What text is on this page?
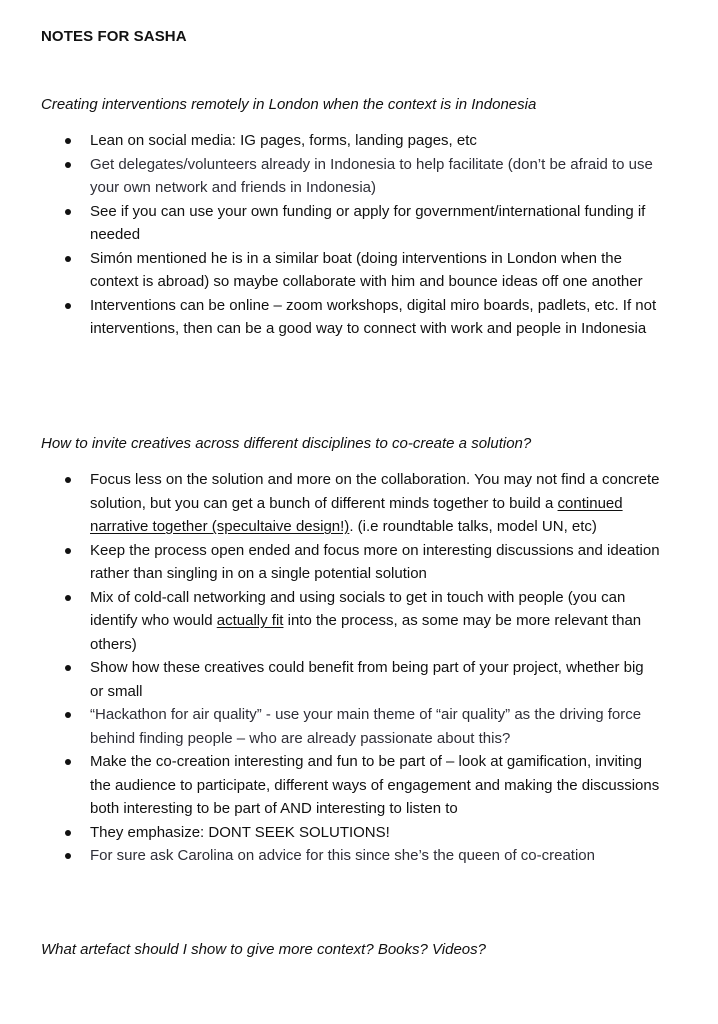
NOTES FOR SASHA
Creating interventions remotely in London when the context is in Indonesia
Lean on social media: IG pages, forms, landing pages, etc
Get delegates/volunteers already in Indonesia to help facilitate (don’t be afraid to use your own network and friends in Indonesia)
See if you can use your own funding or apply for government/international funding if needed
Simón mentioned he is in a similar boat (doing interventions in London when the context is abroad) so maybe collaborate with him and bounce ideas off one another
Interventions can be online – zoom workshops, digital miro boards, padlets, etc. If not interventions, then can be a good way to connect with work and people in Indonesia
How to invite creatives across different disciplines to co-create a solution?
Focus less on the solution and more on the collaboration. You may not find a concrete solution, but you can get a bunch of different minds together to build a continued narrative together (specultaive design!). (i.e roundtable talks, model UN, etc)
Keep the process open ended and focus more on interesting discussions and ideation rather than singling in on a single potential solution
Mix of cold-call networking and using socials to get in touch with people (you can identify who would actually fit into the process, as some may be more relevant than others)
Show how these creatives could benefit from being part of your project, whether big or small
“Hackathon for air quality” - use your main theme of “air quality” as the driving force behind finding people – who are already passionate about this?
Make the co-creation interesting and fun to be part of – look at gamification, inviting the audience to participate, different ways of engagement and making the discussions both interesting to be part of AND interesting to listen to
They emphasize: DONT SEEK SOLUTIONS!
For sure ask Carolina on advice for this since she’s the queen of co-creation
What artefact should I show to give more context? Books? Videos?
